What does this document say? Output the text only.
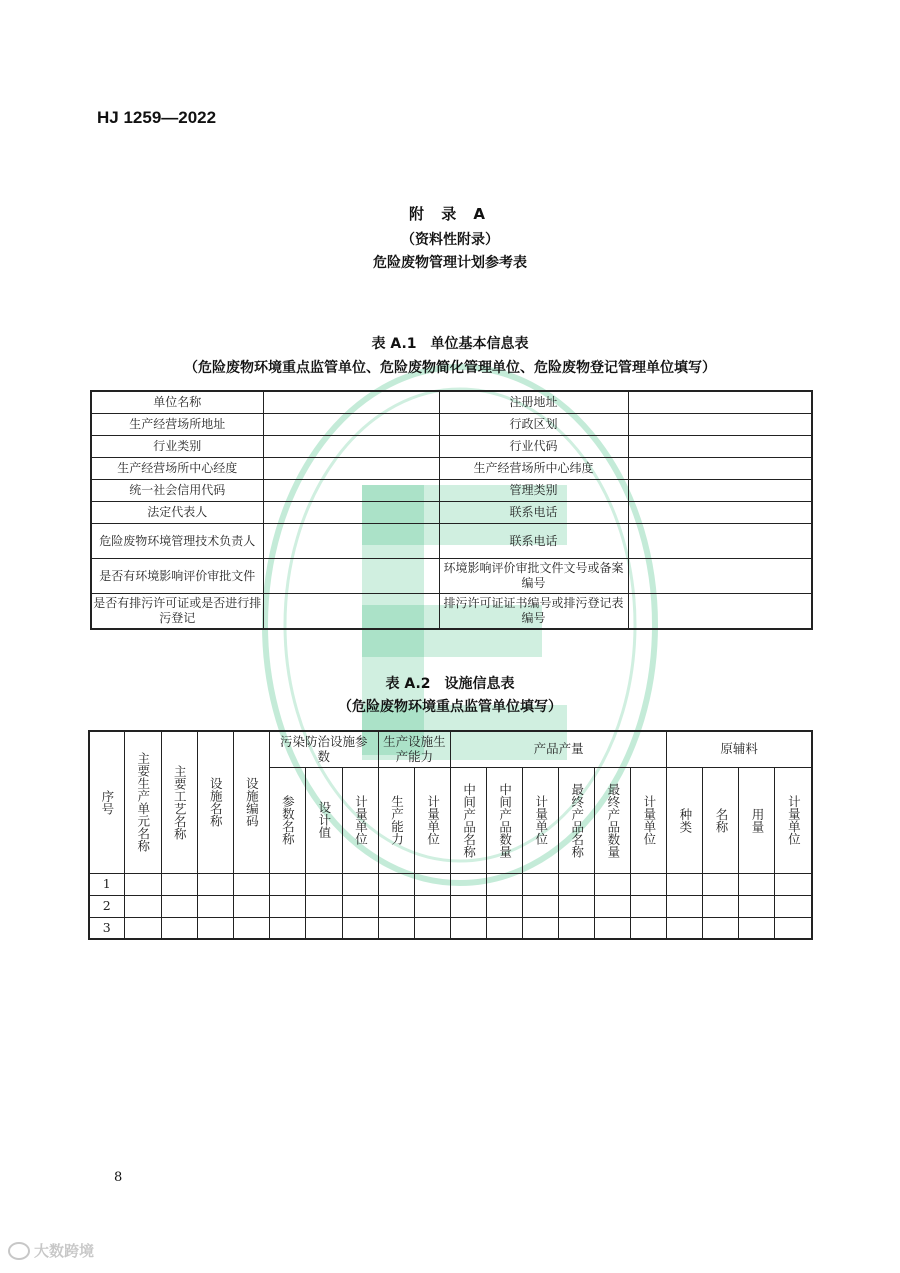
HJ 1259—2022
附 录 A
（资料性附录）
危险废物管理计划参考表
表 A.1　单位基本信息表
（危险废物环境重点监管单位、危险废物简化管理单位、危险废物登记管理单位填写）
单位名称		注册地址	
生产经营场所地址		行政区划	
行业类别		行业代码	
生产经营场所中心经度		生产经营场所中心纬度	
统一社会信用代码		管理类别	
法定代表人		联系电话	
危险废物环境管理技术负责人		联系电话	
是否有环境影响评价审批文件		环境影响评价审批文件文号或备案编号	
是否有排污许可证或是否进行排污登记		排污许可证证书编号或排污登记表编号	
表 A.2　设施信息表
（危险废物环境重点监管单位填写）
序号	主要生产单元名称	主要工艺名称	设施名称	设施编码	污染防治设施参数			生产设施生产能力		产品产量						原辅料			
					参数名称	设计值	计量单位	生产能力	计量单位	中间产品名称	中间产品数量	计量单位	最终产品名称	最终产品数量	计量单位	种类	名称	用量	计量单位
1																			
2																			
3																			
8
大数跨境
